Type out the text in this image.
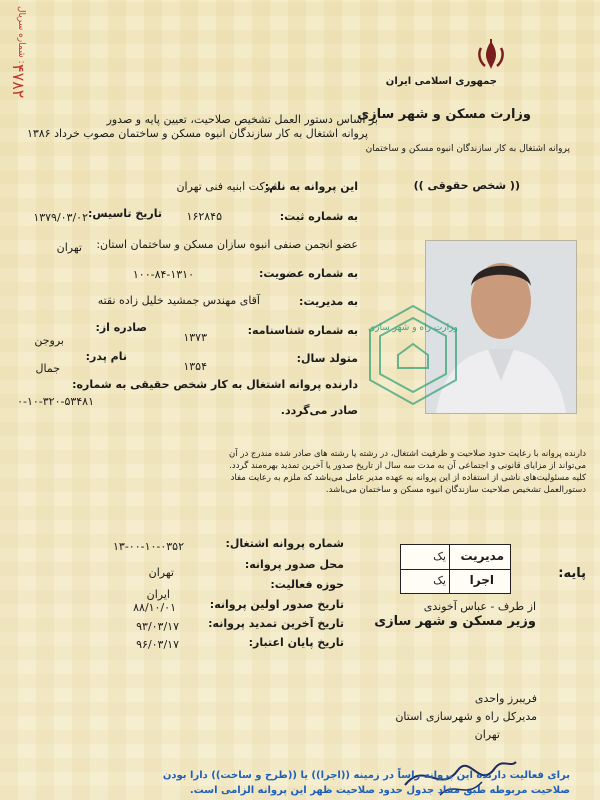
شماره سریال :
۴۷۸۲	جمهوری اسلامی ایران
وزارت مسکن و شهر سازی
پروانه اشتغال به کار سازندگان انبوه مسکن و ساختمان
(( شخص حقوقی ))
بر اساس دستور العمل تشخیص صلاحیت، تعیین پایه و صدور
پروانه اشتغال به کار سازندگان انبوه مسکن و ساختمان مصوب خرداد ۱۳۸۶
این پروانه به نام:
شرکت ابنیه فنی تهران
به شماره ثبت:
۱۶۲۸۴۵
تاریخ تاسیس:
۱۳۷۹/۰۳/۰۲
عضو انجمن صنفی انبوه سازان مسکن و ساختمان استان:
تهران
به شماره عضویت:
۱۰۰-۸۴-۱۳۱۰
به مدیریت:
آقای مهندس جمشید خلیل زاده نقته
به شماره شناسنامه:
۱۳۷۳
صادره از:
بروجن
متولد سال:
۱۳۵۴
نام پدر:
جمال
دارنده پروانه اشتغال به کار شخص حقیقی به شماره:
۰-۱۰-۳۲۰-۵۳۴۸۱
صادر می‌گردد.
وزارت راه و شهر سازی
دارنده پروانه با رعایت حدود صلاحیت و ظرفیت اشتغال، در رشته یا رشته های صادر شده مندرج در آن
می‌تواند از مزایای قانونی و اجتماعی آن به مدت سه سال از تاریخ صدور یا آخرین تمدید بهره‌مند گردد.
کلیه مسئولیت‌های ناشی از استفاده از این پروانه به عهده مدیر عامل می‌باشد که ملزم به رعایت مفاد
دستورالعمل تشخیص صلاحیت سازندگان انبوه مسکن و ساختمان می‌باشد.
شماره پروانه اشتغال:
۱۳-۰۰-۱۰-۰۳۵۲
محل صدور پروانه:
تهران
حوزه فعالیت:
ایران
تاریخ صدور اولین پروانه:
۸۸/۱۰/۰۱
تاریخ آخرین تمدید پروانه:
۹۳/۰۳/۱۷
تاریخ پایان اعتبار:
۹۶/۰۳/۱۷
پایه:
مدیریت
یک
اجرا
یک
از طرف - عباس آخوندی
وزیر مسکن و شهر سازی
فریبرز واحدی
مدیرکل راه و شهرسازی استان
تهران
برای فعالیت دارنده این پروانه راساً در زمینه ((اجرا)) یا ((طرح و ساخت)) دارا بودن
صلاحیت مربوطه طبق مفاد جدول حدود صلاحیت ظهر این پروانه الزامی است.
